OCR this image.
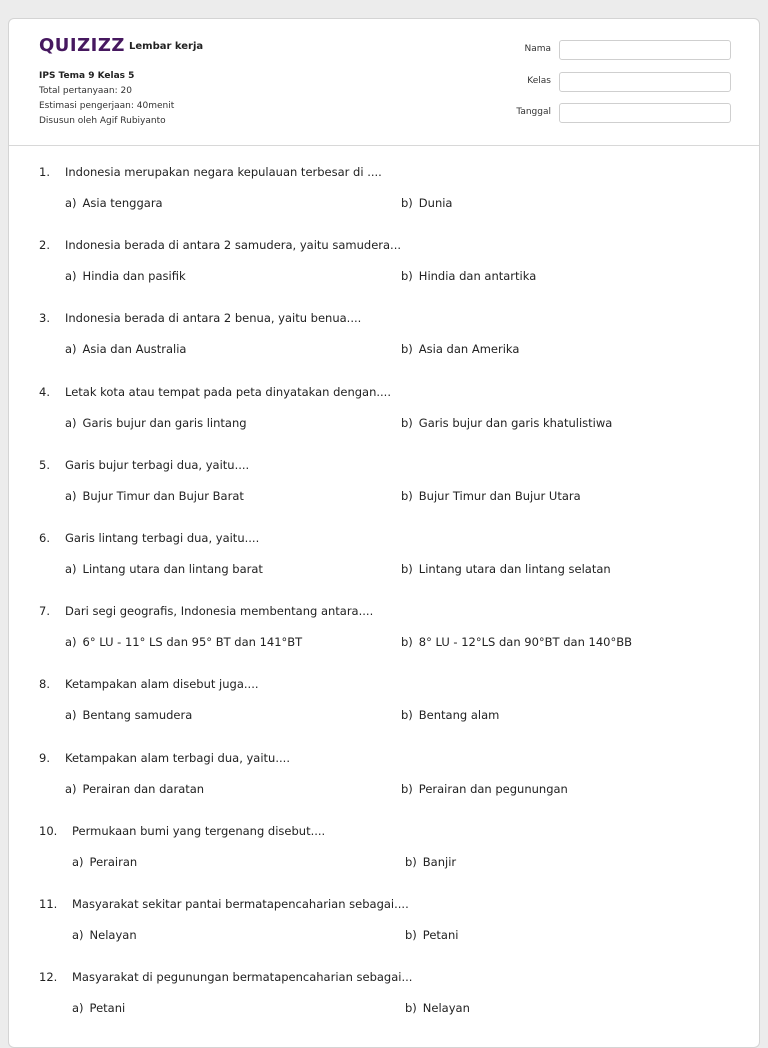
QUIZIZZ Lembar kerja
IPS Tema 9 Kelas 5
Total pertanyaan: 20
Estimasi pengerjaan: 40menit
Disusun oleh Agif Rubiyanto
Nama
Kelas
Tanggal
1. Indonesia merupakan negara kepulauan terbesar di ....
a) Asia tenggara	b) Dunia
2. Indonesia berada di antara 2 samudera, yaitu samudera...
a) Hindia dan pasifik	b) Hindia dan antartika
3. Indonesia berada di antara 2 benua, yaitu benua....
a) Asia dan Australia	b) Asia dan Amerika
4. Letak kota atau tempat pada peta dinyatakan dengan....
a) Garis bujur dan garis lintang	b) Garis bujur dan garis khatulistiwa
5. Garis bujur terbagi dua, yaitu....
a) Bujur Timur dan Bujur Barat	b) Bujur Timur dan Bujur Utara
6. Garis lintang terbagi dua, yaitu....
a) Lintang utara dan lintang barat	b) Lintang utara dan lintang selatan
7. Dari segi geografis, Indonesia membentang antara....
a) 6° LU - 11° LS dan 95° BT dan 141°BT	b) 8° LU - 12°LS dan 90°BT dan 140°BB
8. Ketampakan alam disebut juga....
a) Bentang samudera	b) Bentang alam
9. Ketampakan alam terbagi dua, yaitu....
a) Perairan dan daratan	b) Perairan dan pegunungan
10. Permukaan bumi yang tergenang disebut....
a) Perairan	b) Banjir
11. Masyarakat sekitar pantai bermatapencaharian sebagai....
a) Nelayan	b) Petani
12. Masyarakat di pegunungan bermatapencaharian sebagai...
a) Petani	b) Nelayan
